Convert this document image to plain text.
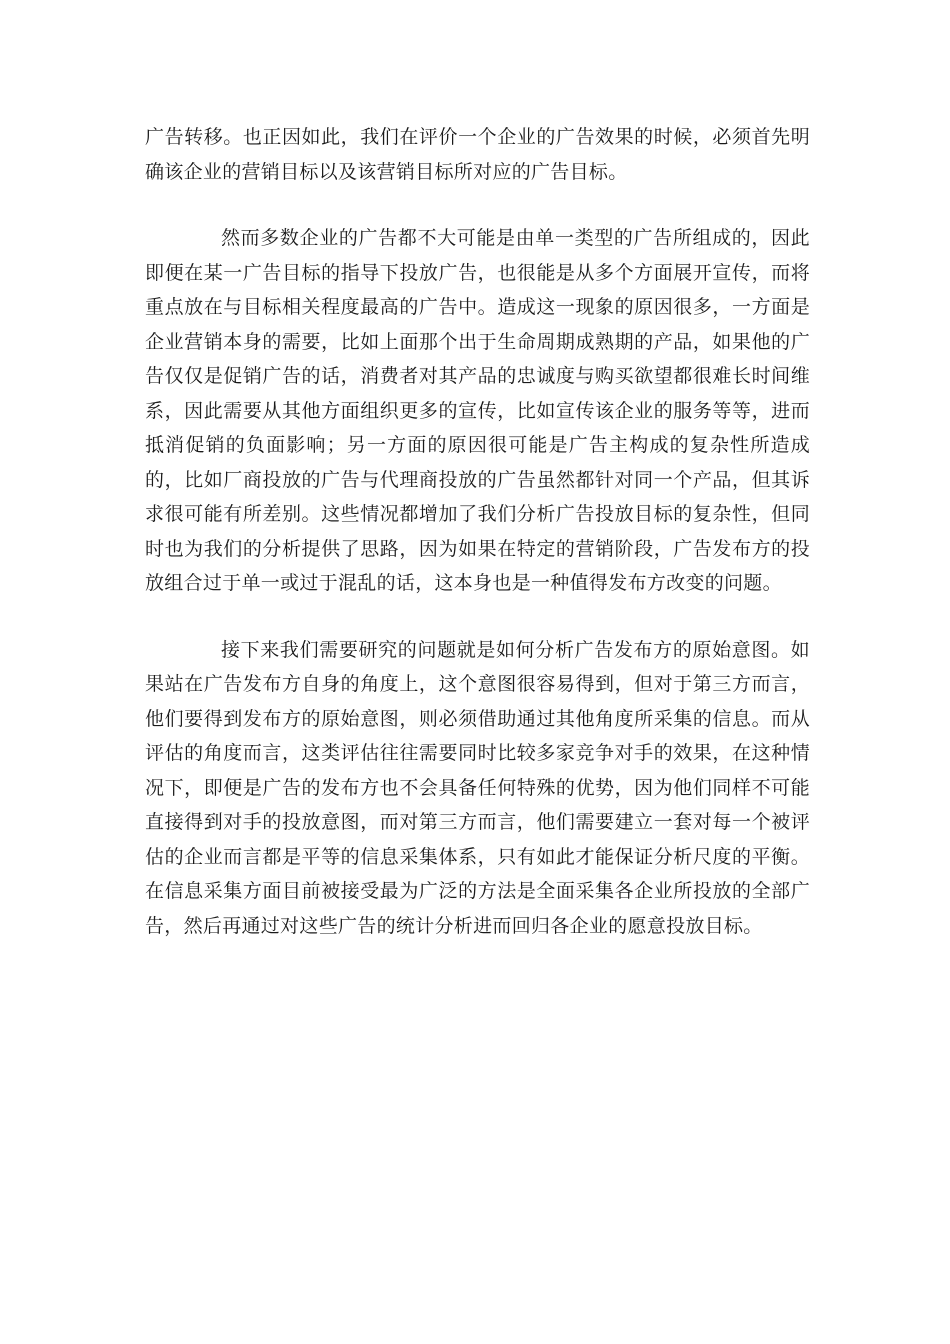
广告转移。也正因如此，我们在评价一个企业的广告效果的时候，必须首先明确该企业的营销目标以及该营销目标所对应的广告目标。

然而多数企业的广告都不大可能是由单一类型的广告所组成的，因此即便在某一广告目标的指导下投放广告，也很能是从多个方面展开宣传，而将重点放在与目标相关程度最高的广告中。造成这一现象的原因很多，一方面是企业营销本身的需要，比如上面那个出于生命周期成熟期的产品，如果他的广告仅仅是促销广告的话，消费者对其产品的忠诚度与购买欲望都很难长时间维系，因此需要从其他方面组织更多的宣传，比如宣传该企业的服务等等，进而抵消促销的负面影响；另一方面的原因很可能是广告主构成的复杂性所造成的，比如厂商投放的广告与代理商投放的广告虽然都针对同一个产品，但其诉求很可能有所差别。这些情况都增加了我们分析广告投放目标的复杂性，但同时也为我们的分析提供了思路，因为如果在特定的营销阶段，广告发布方的投放组合过于单一或过于混乱的话，这本身也是一种值得发布方改变的问题。

接下来我们需要研究的问题就是如何分析广告发布方的原始意图。如果站在广告发布方自身的角度上，这个意图很容易得到，但对于第三方而言，他们要得到发布方的原始意图，则必须借助通过其他角度所采集的信息。而从评估的角度而言，这类评估往往需要同时比较多家竞争对手的效果，在这种情况下，即便是广告的发布方也不会具备任何特殊的优势，因为他们同样不可能直接得到对手的投放意图，而对第三方而言，他们需要建立一套对每一个被评估的企业而言都是平等的信息采集体系，只有如此才能保证分析尺度的平衡。在信息采集方面目前被接受最为广泛的方法是全面采集各企业所投放的全部广告，然后再通过对这些广告的统计分析进而回归各企业的愿意投放目标。
